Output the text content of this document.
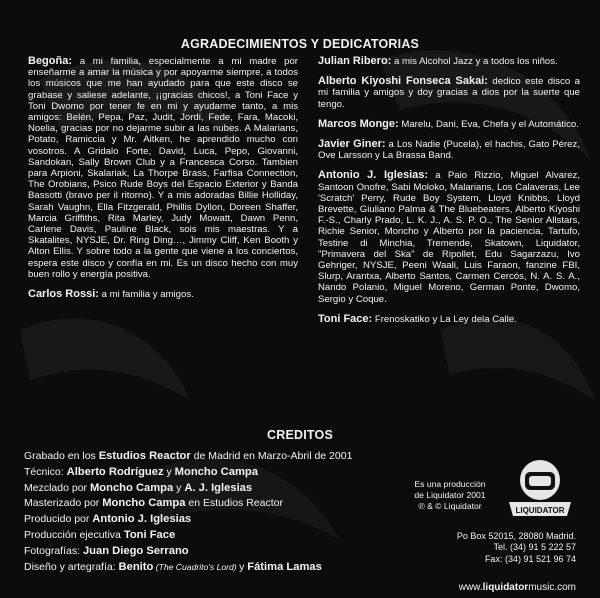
AGRADECIMIENTOS Y DEDICATORIAS

Begoña: a mi familia, especialmente a mi madre por enseñarme a amar la música y por apoyarme siempre, a todos los músicos que me han ayudado para que este disco se grabase y saliese adelante, ¡¡gracias chicos!, a Toni Face y Toni Dwomo por tener fe en mi y ayudarme tanto, a mis amigos: Belén, Pepa, Paz, Judit, Jordi, Fede, Fara, Macoki, Noelia, gracias por no dejarme subir a las nubes. A Malarians, Potato, Ramiccia y Mr. Aitken, he aprendido mucho con vosotros. A Gridalo Forte, David, Luca, Pepo, Giovanni, Sandokan, Sally Brown Club y a Francesca Corso. Tambien para Arpioni, Skalariak, La Thorpe Brass, Farfisa Connection, The Orobians, Psico Rude Boys del Espacio Exterior y Banda Bassotti (bravo per il ritorno). Y a mis adoradas Billie Holliday, Sarah Vaughn, Ella Fitzgerald, Phillis Dyllon, Doreen Shaffer, Marcia Griffiths, Rita Marley, Judy Mowatt, Dawn Penn, Carlene Davis, Pauline Black, sois mis maestras. Y a Skatalites, NYSJE, Dr. Ring Ding…, Jimmy Cliff, Ken Booth y Alton Ellis. Y sobre todo a la gente que viene a los conciertos, espera este disco y confía en mi. Es un disco hecho con muy buen rollo y energía positiva.

Carlos Rossi: a mi familia y amigos.

Julian Ribero: a mis Alcohol Jazz y a todos los niños.

Alberto Kiyoshi Fonseca Sakai: dedico este disco a mi familia y amigos y doy gracias a dios por la suerte que tengo.

Marcos Monge: Marelu, Dani, Eva, Chefa y el Automático.

Javier Giner: a Los Nadie (Pucela), el hachis, Gato Pérez, Ove Larsson y La Brassa Band.

Antonio J. Iglesias: a Paio Rizzio, Miguel Alvarez, Santoon Onofre, Sabi Moloko, Malarians, Los Calaveras, Lee 'Scratch' Perry, Rude Boy System, Lloyd Knibbs, Lloyd Brevette, Giuliano Palma & The Bluebeaters, Alberto Kiyoshi F.-S., Charly Prado, L. K. J., A. S. P. O., The Senior Allstars, Richie Senior, Moncho y Alberto por la paciencia, Tartufo, Testine di Minchia, Tremende, Skatown, Liquidator, "Primavera del Ska" de Ripollet, Edu Sagarzazu, Ivo Gehriger, NYSJE, Peeni Waali, Luis Faraon, fanzine FBI, Slurp, Arantxa, Alberto Santos, Carmen Cercós, N. A. S. A., Nando Polanio, Miguel Moreno, German Ponte, Dwomo, Sergio y Coque.

Toni Face: Frenoskatiko y La Ley dela Calle.

CREDITOS
Grabado en los Estudios Reactor de Madrid en Marzo-Abril de 2001
Técnico: Alberto Rodríguez y Moncho Campa
Mezclado por Moncho Campa y A. J. Iglesias
Masterizado por Moncho Campa en Estudios Reactor
Producido por Antonio J. Iglesias
Producción ejecutiva Toni Face
Fotografías: Juan Diego Serrano
Diseño y artegrafía: Benito (The Cuadrito's Lord) y Fátima Lamas
Es una producción
de Liquidator 2001
℗ & © Liquidator	LIQUIDATOR
Po Box 52015, 28080 Madrid.
Tel. (34) 91 5 222 57
Fax: (34) 91 521 96 74
www.liquidatormusic.com
